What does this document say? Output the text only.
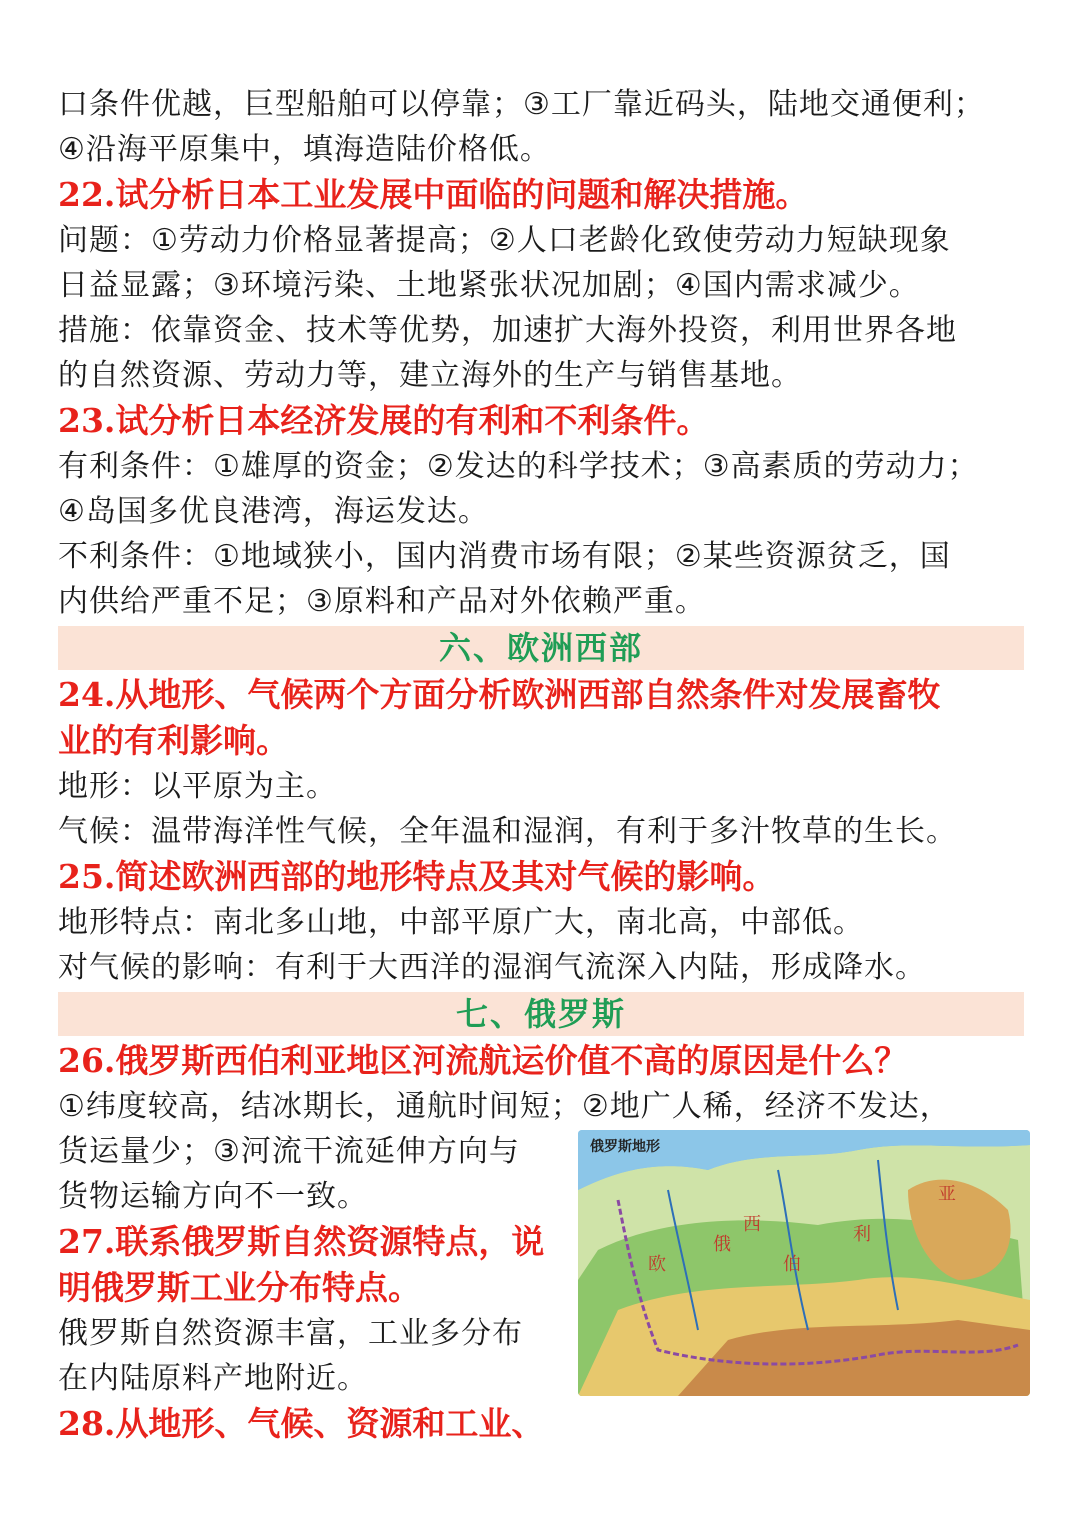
口条件优越，巨型船舶可以停靠；③工厂靠近码头，陆地交通便利；
④沿海平原集中，填海造陆价格低。
22.试分析日本工业发展中面临的问题和解决措施。
问题：①劳动力价格显著提高；②人口老龄化致使劳动力短缺现象
日益显露；③环境污染、土地紧张状况加剧；④国内需求减少。
措施：依靠资金、技术等优势，加速扩大海外投资，利用世界各地
的自然资源、劳动力等，建立海外的生产与销售基地。
23.试分析日本经济发展的有利和不利条件。
有利条件：①雄厚的资金；②发达的科学技术；③高素质的劳动力；
④岛国多优良港湾，海运发达。
不利条件：①地域狭小，国内消费市场有限；②某些资源贫乏，国
内供给严重不足；③原料和产品对外依赖严重。
六、欧洲西部
24.从地形、气候两个方面分析欧洲西部自然条件对发展畜牧
业的有利影响。
地形：以平原为主。
气候：温带海洋性气候，全年温和湿润，有利于多汁牧草的生长。
25.简述欧洲西部的地形特点及其对气候的影响。
地形特点：南北多山地，中部平原广大，南北高，中部低。
对气候的影响：有利于大西洋的湿润气流深入内陆，形成降水。
七、俄罗斯
26.俄罗斯西伯利亚地区河流航运价值不高的原因是什么？
①纬度较高，结冰期长，通航时间短；②地广人稀，经济不发达，
货运量少；③河流干流延伸方向与
货物运输方向不一致。
27.联系俄罗斯自然资源特点，说
明俄罗斯工业分布特点。
俄罗斯自然资源丰富，工业多分布
在内陆原料产地附近。
28.从地形、气候、资源和工业、
欧
俄
西
伯
利
亚
俄罗斯地形
